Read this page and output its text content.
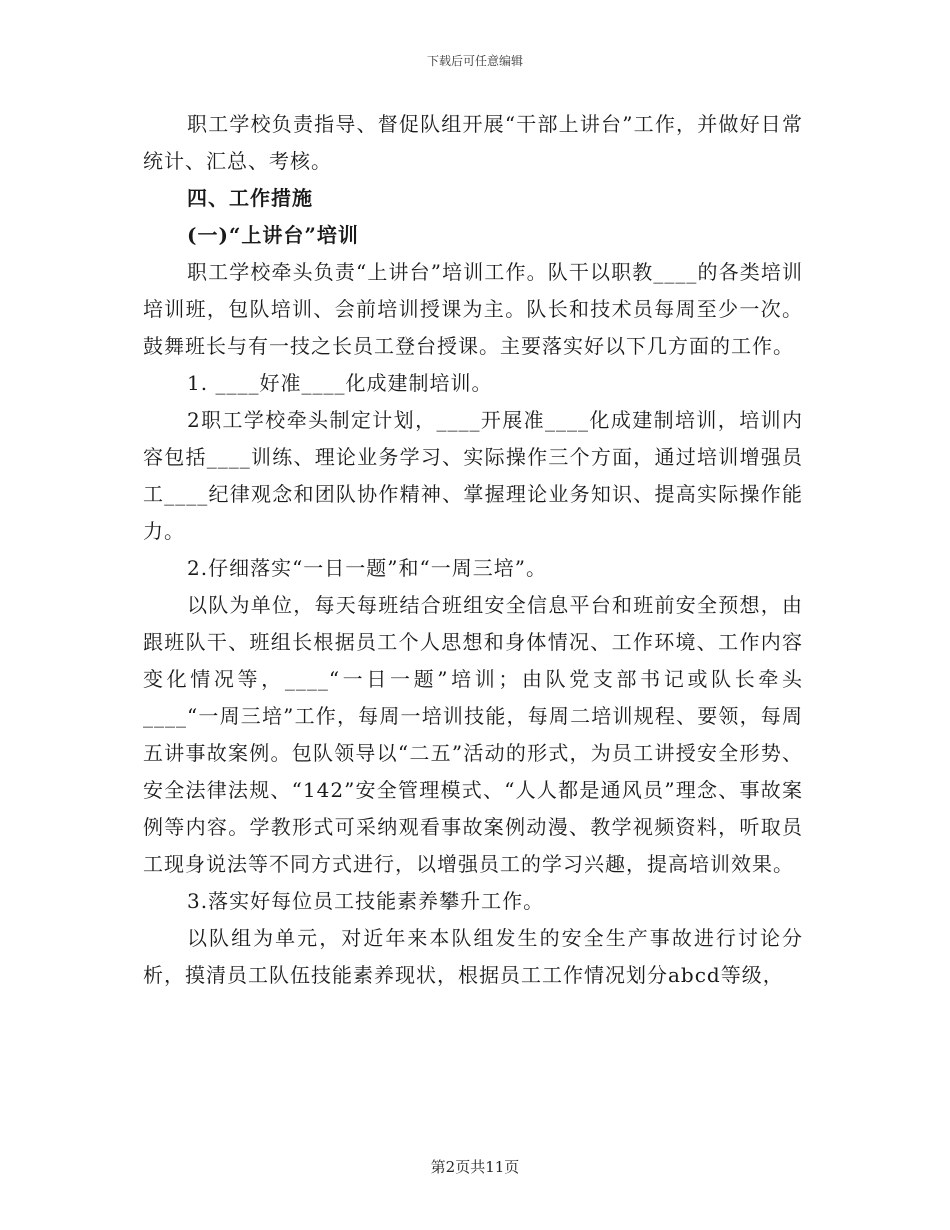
下载后可任意编辑

职工学校负责指导、督促队组开展“干部上讲台”工作，并做好日常统计、汇总、考核。

四、工作措施

(一)“上讲台”培训

职工学校牵头负责“上讲台”培训工作。队干以职教____的各类培训培训班，包队培训、会前培训授课为主。队长和技术员每周至少一次。鼓舞班长与有一技之长员工登台授课。主要落实好以下几方面的工作。

1. ____好准____化成建制培训。

2职工学校牵头制定计划，____开展准____化成建制培训，培训内容包括____训练、理论业务学习、实际操作三个方面，通过培训增强员工____纪律观念和团队协作精神、掌握理论业务知识、提高实际操作能力。

2.仔细落实“一日一题”和“一周三培”。

以队为单位，每天每班结合班组安全信息平台和班前安全预想，由跟班队干、班组长根据员工个人思想和身体情况、工作环境、工作内容变化情况等，____“一日一题”培训；由队党支部书记或队长牵头____“一周三培”工作，每周一培训技能，每周二培训规程、要领，每周五讲事故案例。包队领导以“二五”活动的形式，为员工讲授安全形势、安全法律法规、“142”安全管理模式、“人人都是通风员”理念、事故案例等内容。学教形式可采纳观看事故案例动漫、教学视频资料，听取员工现身说法等不同方式进行，以增强员工的学习兴趣，提高培训效果。

3.落实好每位员工技能素养攀升工作。

以队组为单元，对近年来本队组发生的安全生产事故进行讨论分析，摸清员工队伍技能素养现状，根据员工工作情况划分abcd等级，

第2页共11页
